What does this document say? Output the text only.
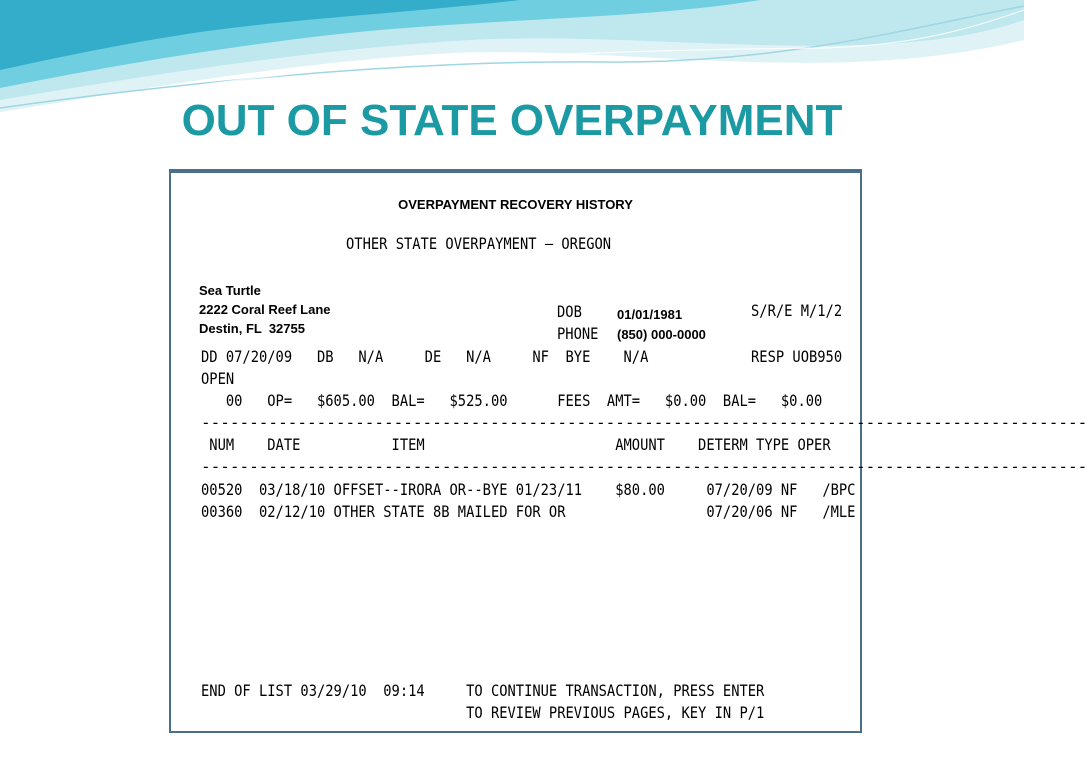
OUT OF STATE OVERPAYMENT
OVERPAYMENT RECOVERY HISTORY
OTHER STATE OVERPAYMENT – OREGON
Sea Turtle
2222 Coral Reef Lane
Destin, FL  32755
DOB
PHONE
01/01/1981
(850) 000-0000
S/R/E M/1/2
DD 07/20/09   DB   N/A     DE   N/A     NF  BYE    N/A	RESP UOB950
OPEN
00   OP=   $605.00  BAL=   $525.00      FEES  AMT=   $0.00  BAL=   $0.00
--------------------------------------------------------------------------------------------
NUM    DATE           ITEM                       AMOUNT    DETERM TYPE OPER
--------------------------------------------------------------------------------------------
00520  03/18/10 OFFSET--IRORA OR--BYE 01/23/11    $80.00     07/20/09 NF   /BPC
00360  02/12/10 OTHER STATE 8B MAILED FOR OR                 07/20/06 NF   /MLE
END OF LIST 03/29/10  09:14     TO CONTINUE TRANSACTION, PRESS ENTER
TO REVIEW PREVIOUS PAGES, KEY IN P/1
